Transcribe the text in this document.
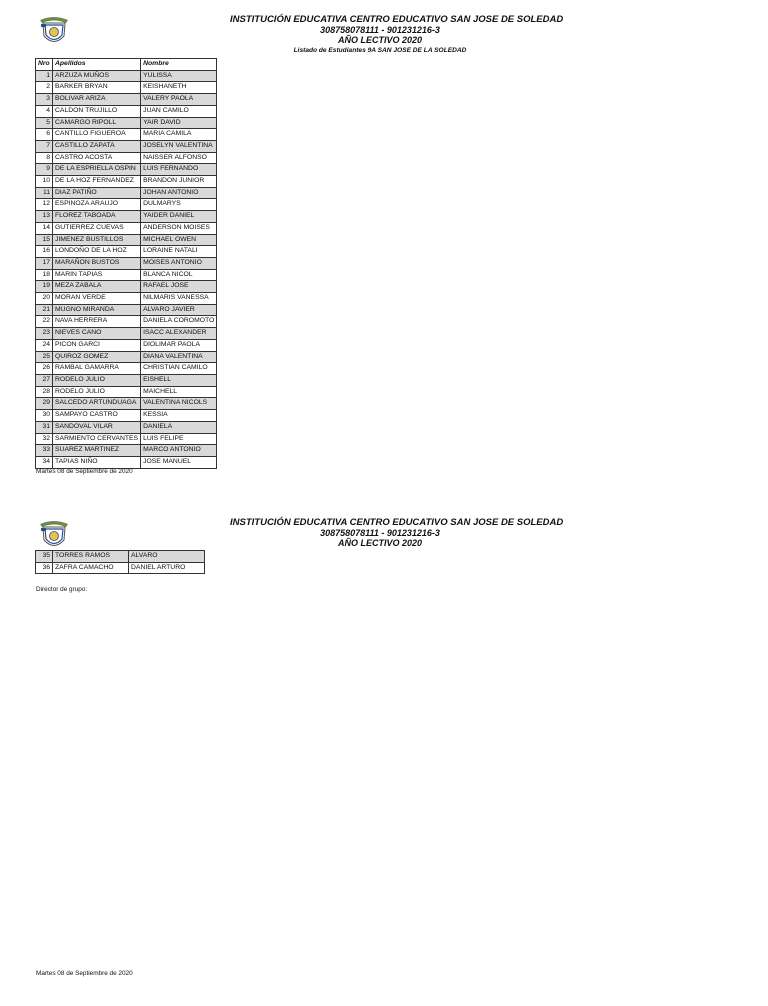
INSTITUCIÓN EDUCATIVA CENTRO EDUCATIVO SAN JOSE DE SOLEDAD
308758078111 - 901231216-3
AÑO LECTIVO 2020
Listado de Estudiantes 9A SAN JOSE DE LA SOLEDAD
Nro	Apellidos	Nombre
1	ARZUZA MUÑOS	YULISSA
2	BARKER BRYAN	KEISHANETH
3	BOLIVAR ARIZA	VALERY PAOLA
4	CALDON TRUJILLO	JUAN CAMILO
5	CAMARGO RIPOLL	YAIR DAVID
6	CANTILLO FIGUEROA	MARIA CAMILA
7	CASTILLO ZAPATA	JOSELYN VALENTINA
8	CASTRO ACOSTA	NAISSER ALFONSO
9	DE LA ESPRIELLA OSPIN	LUIS FERNANDO
10	DE LA HOZ FERNANDEZ	BRANDON JUNIOR
11	DIAZ PATIÑO	JOHAN ANTONIO
12	ESPINOZA ARAUJO	DULMARYS
13	FLOREZ TABOADA	YAIDER DANIEL
14	GUTIERREZ CUEVAS	ANDERSON MOISES
15	JIMENEZ BUSTILLOS	MICHAEL OWEN
16	LONDOÑO DE LA HOZ	LORAINE NATALI
17	MARAÑON BUSTOS	MOISES ANTONIO
18	MARIN TAPIAS	BLANCA NICOL
19	MEZA ZABALA	RAFAEL JOSE
20	MORAN VERDE	NILMARIS VANESSA
21	MUGNO MIRANDA	ALVARO JAVIER
22	NAVA HERRERA	DANIELA COROMOTO
23	NIEVES CANO	ISACC ALEXANDER
24	PICON GARCI	DIOLIMAR PAOLA
25	QUIROZ GOMEZ	DIANA VALENTINA
26	RAMBAL GAMARRA	CHRISTIAN CAMILO
27	RODELO JULIO	EISHELL
28	RODELO JULIO	MAICHELL
29	SALCEDO ARTUNDUAGA	VALENTINA NICOLS
30	SAMPAYO CASTRO	KESSIA
31	SANDOVAL VILAR	DANIELA
32	SARMIENTO CERVANTES	LUIS FELIPE
33	SUAREZ MARTINEZ	MARCO ANTONIO
34	TAPIAS NIÑO	JOSE MANUEL
Martes 08 de Septiembre de 2020
INSTITUCIÓN EDUCATIVA CENTRO EDUCATIVO SAN JOSE DE SOLEDAD
308758078111 - 901231216-3
AÑO LECTIVO 2020
35	TORRES RAMOS	ALVARO
36	ZAFRA CAMACHO	DANIEL ARTURO
Director de grupo:
Martes 08 de Septiembre de 2020
